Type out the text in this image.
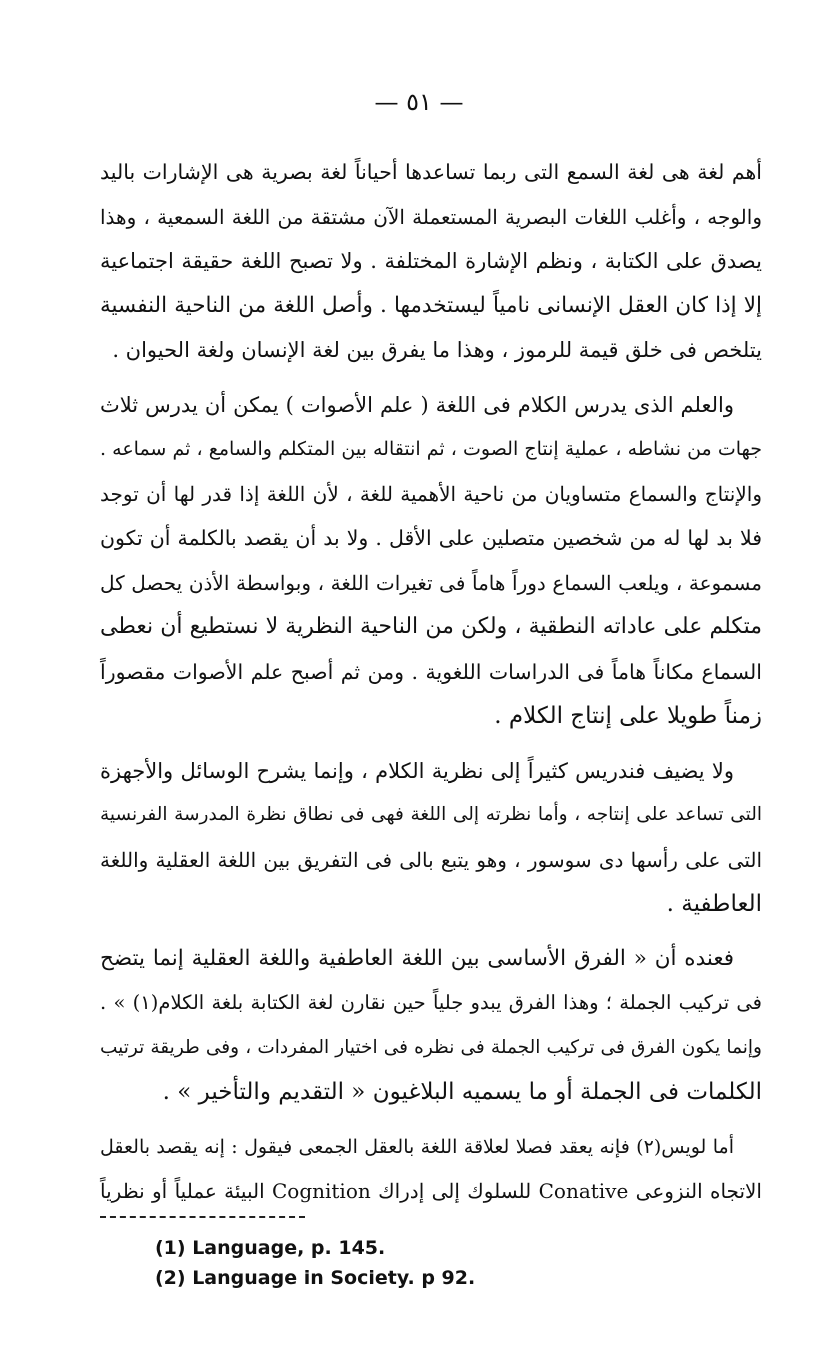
— ٥١ —
أهم لغة هى لغة السمع التى ربما تساعدها أحياناً لغة بصرية هى الإشارات باليد
والوجه ، وأغلب اللغات البصرية المستعملة الآن مشتقة من اللغة السمعية ، وهذا
يصدق على الكتابة ، ونظم الإشارة المختلفة . ولا تصبح اللغة حقيقة اجتماعية
إلا إذا كان العقل الإنسانى نامياً ليستخدمها . وأصل اللغة من الناحية النفسية
يتلخص فى خلق قيمة للرموز ، وهذا ما يفرق بين لغة الإنسان ولغة الحيوان .
والعلم الذى يدرس الكلام فى اللغة ( علم الأصوات ) يمكن أن يدرس ثلاث
جهات من نشاطه ، عملية إنتاج الصوت ، ثم انتقاله بين المتكلم والسامع ، ثم سماعه .
والإنتاج والسماع متساويان من ناحية الأهمية للغة ، لأن اللغة إذا قدر لها أن توجد
فلا بد لها له من شخصين متصلين على الأقل . ولا بد أن يقصد بالكلمة أن تكون
مسموعة ، ويلعب السماع دوراً هاماً فى تغيرات اللغة ، وبواسطة الأذن يحصل كل
متكلم على عاداته النطقية ، ولكن من الناحية النظرية لا نستطيع أن نعطى
السماع مكاناً هاماً فى الدراسات اللغوية . ومن ثم أصبح علم الأصوات مقصوراً
زمناً طويلا على إنتاج الكلام .
ولا يضيف فندريس كثيراً إلى نظرية الكلام ، وإنما يشرح الوسائل والأجهزة
التى تساعد على إنتاجه ، وأما نظرته إلى اللغة فهى فى نطاق نظرة المدرسة الفرنسية
التى على رأسها دى سوسور ، وهو يتبع بالى فى التفريق بين اللغة العقلية واللغة
العاطفية .
فعنده أن « الفرق الأساسى بين اللغة العاطفية واللغة العقلية إنما يتضح
فى تركيب الجملة ؛ وهذا الفرق يبدو جلياً حين نقارن لغة الكتابة بلغة الكلام(١) » .
وإنما يكون الفرق فى تركيب الجملة فى نظره فى اختيار المفردات ، وفى طريقة ترتيب
الكلمات فى الجملة أو ما يسميه البلاغيون « التقديم والتأخير » .
أما لويس(٢) فإنه يعقد فصلا لعلاقة اللغة بالعقل الجمعى فيقول : إنه يقصد بالعقل
الاتجاه النزوعى Conative للسلوك إلى إدراك Cognition البيئة عملياً أو نظرياً
(1) Language, p. 145.
(2) Language in Society. p 92.
